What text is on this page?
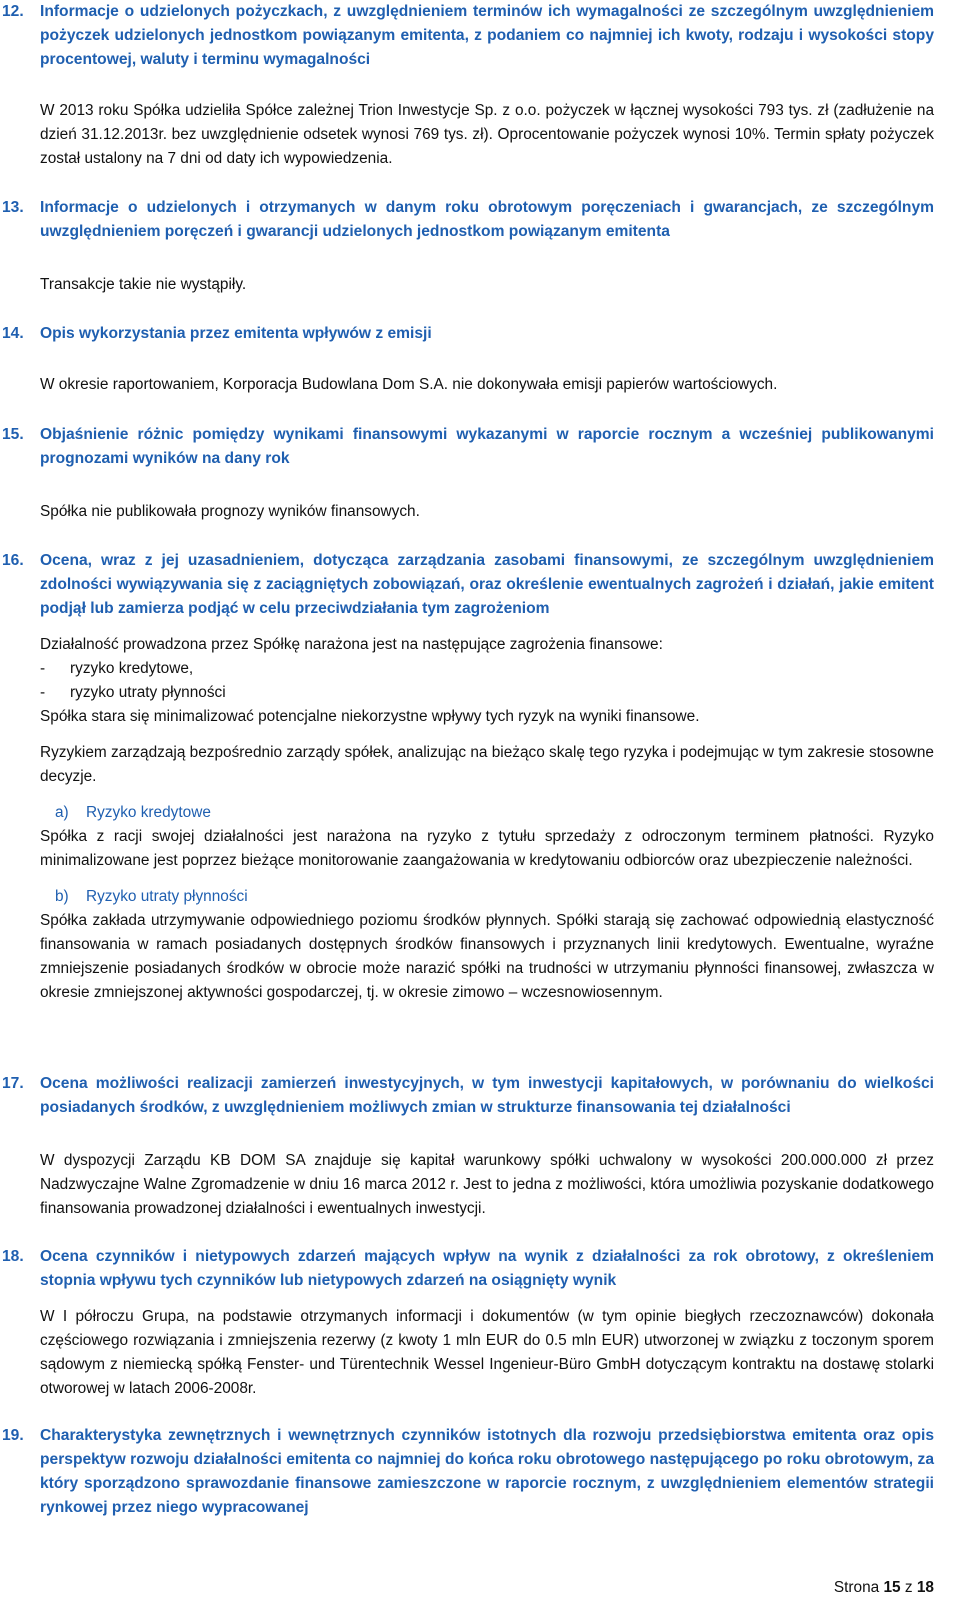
12. Informacje o udzielonych pożyczkach, z uwzględnieniem terminów ich wymagalności ze szczególnym uwzględnieniem pożyczek udzielonych jednostkom powiązanym emitenta, z podaniem co najmniej ich kwoty, rodzaju i wysokości stopy procentowej, waluty i terminu wymagalności

W 2013 roku Spółka udzieliła Spółce zależnej Trion Inwestycje Sp. z o.o. pożyczek w łącznej wysokości 793 tys. zł (zadłużenie na dzień 31.12.2013r. bez uwzględnienie odsetek wynosi 769 tys. zł). Oprocentowanie pożyczek wynosi 10%. Termin spłaty pożyczek został ustalony na 7 dni od daty ich wypowiedzenia.

13. Informacje o udzielonych i otrzymanych w danym roku obrotowym poręczeniach i gwarancjach, ze szczególnym uwzględnieniem poręczeń i gwarancji udzielonych jednostkom powiązanym emitenta

Transakcje takie nie wystąpiły.

14. Opis wykorzystania przez emitenta wpływów z emisji

W okresie raportowaniem, Korporacja Budowlana Dom S.A. nie dokonywała emisji papierów wartościowych.

15. Objaśnienie różnic pomiędzy wynikami finansowymi wykazanymi w raporcie rocznym a wcześniej publikowanymi prognozami wyników na dany rok

Spółka nie publikowała prognozy wyników finansowych.

16. Ocena, wraz z jej uzasadnieniem, dotycząca zarządzania zasobami finansowymi, ze szczególnym uwzględnieniem zdolności wywiązywania się z zaciągniętych zobowiązań, oraz określenie ewentualnych zagrożeń i działań, jakie emitent podjął lub zamierza podjąć w celu przeciwdziałania tym zagrożeniom

Działalność prowadzona przez Spółkę narażona jest na następujące zagrożenia finansowe:

-	ryzyko kredytowe,
-	ryzyko utraty płynności

Spółka stara się minimalizować potencjalne niekorzystne wpływy tych ryzyk na wyniki finansowe.

Ryzykiem zarządzają bezpośrednio zarządy spółek, analizując na bieżąco skalę tego ryzyka i podejmując w tym zakresie stosowne decyzje.

a) Ryzyko kredytowe

Spółka z racji swojej działalności jest narażona na ryzyko z tytułu sprzedaży z odroczonym terminem płatności. Ryzyko minimalizowane jest poprzez bieżące monitorowanie zaangażowania w kredytowaniu odbiorców oraz ubezpieczenie należności.

b) Ryzyko utraty płynności

Spółka zakłada utrzymywanie odpowiedniego poziomu środków płynnych. Spółki starają się zachować odpowiednią elastyczność finansowania w ramach posiadanych dostępnych środków finansowych i przyznanych linii kredytowych. Ewentualne, wyraźne zmniejszenie posiadanych środków w obrocie może narazić spółki na trudności w utrzymaniu płynności finansowej, zwłaszcza w okresie zmniejszonej aktywności gospodarczej, tj. w okresie zimowo – wczesnowiosennym.

17. Ocena możliwości realizacji zamierzeń inwestycyjnych, w tym inwestycji kapitałowych, w porównaniu do wielkości posiadanych środków, z uwzględnieniem możliwych zmian w strukturze finansowania tej działalności

W dyspozycji Zarządu KB DOM SA znajduje się kapitał warunkowy spółki uchwalony w wysokości 200.000.000 zł przez Nadzwyczajne Walne Zgromadzenie w dniu 16 marca 2012 r. Jest to jedna z możliwości, która umożliwia pozyskanie dodatkowego finansowania prowadzonej działalności i ewentualnych inwestycji.

18. Ocena czynników i nietypowych zdarzeń mających wpływ na wynik z działalności za rok obrotowy, z określeniem stopnia wpływu tych czynników lub nietypowych zdarzeń na osiągnięty wynik

W I półroczu Grupa, na podstawie otrzymanych informacji i dokumentów (w tym opinie biegłych rzeczoznawców) dokonała częściowego rozwiązania i zmniejszenia rezerwy (z kwoty 1 mln EUR do 0.5 mln EUR) utworzonej w związku z toczonym sporem sądowym z niemiecką spółką Fenster- und Türentechnik Wessel Ingenieur-Büro GmbH dotyczącym kontraktu na dostawę stolarki otworowej w latach 2006-2008r.

19. Charakterystyka zewnętrznych i wewnętrznych czynników istotnych dla rozwoju przedsiębiorstwa emitenta oraz opis perspektyw rozwoju działalności emitenta co najmniej do końca roku obrotowego następującego po roku obrotowym, za który sporządzono sprawozdanie finansowe zamieszczone w raporcie rocznym, z uwzględnieniem elementów strategii rynkowej przez niego wypracowanej
Strona 15 z 18
